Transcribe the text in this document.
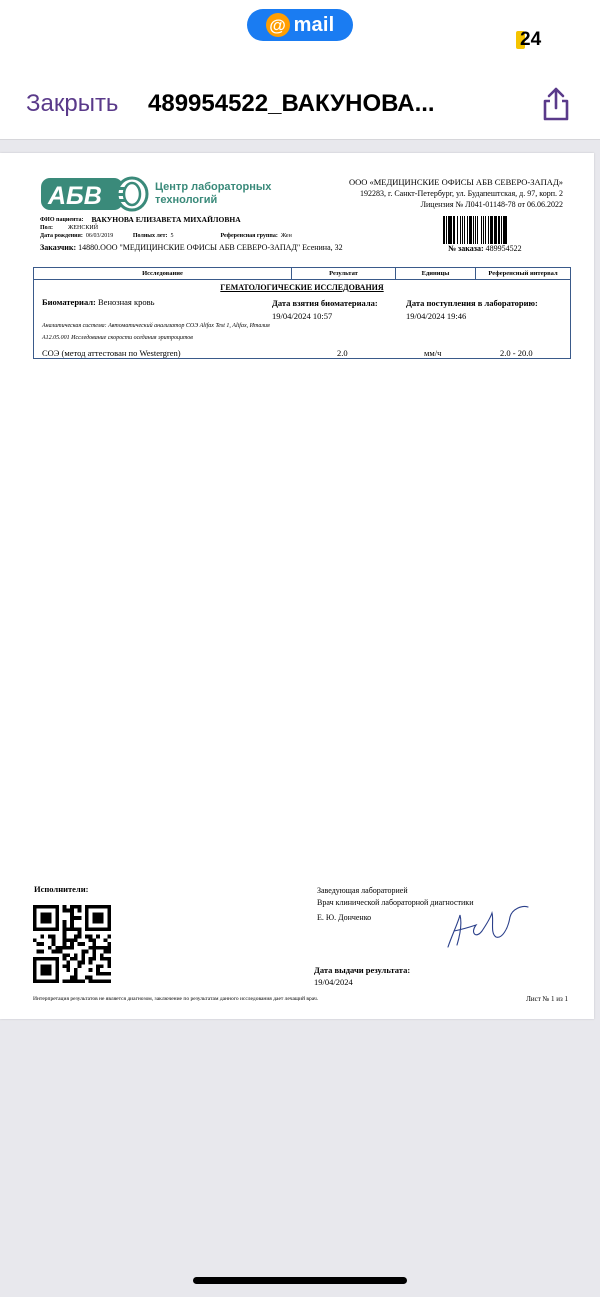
@ mail
24
Закрыть 489954522_ВАКУНОВА...
АБВ	Центр лабораторных технологий
ООО «МЕДИЦИНСКИЕ ОФИСЫ АБВ СЕВЕРО-ЗАПАД»
192283, г. Санкт-Петербург, ул. Будапештская, д. 97, корп. 2
Лицензия № Л041-01148-78 от 06.06.2022
ФИО пациента: ВАКУНОВА ЕЛИЗАВЕТА МИХАЙЛОВНА
Пол:	ЖЕНСКИЙ
Дата рождения: 06/03/2019	Полных лет: 5	Референсная группа: Жен
Заказчик: 14880.ООО "МЕДИЦИНСКИЕ ОФИСЫ АБВ СЕВЕРО-ЗАПАД" Есенина, 32	№ заказа: 489954522
Исследование	Результат	Единицы	Референсный интервал
ГЕМАТОЛОГИЧЕСКИЕ ИССЛЕДОВАНИЯ
Биоматериал: Венозная кровь	Дата взятия биоматериала:
19/04/2024 10:57
Дата поступления в лабораторию:
19/04/2024 19:46
Аналитическая система: Автоматический анализатор СОЭ Alifax Test 1, Alifax, Италия
A12.05.001 Исследование скорости оседания эритроцитов
СОЭ (метод аттестован по Westergren)	2.0	мм/ч	2.0 - 20.0
Исполнители:	Заведующая лабораторией
Врач клинической лабораторной диагностики
Е. Ю. Донченко
Дата выдачи результата:
19/04/2024
Интерпретация результатов не является диагнозом, заключение по результатам данного исследования дает лечащий врач.	Лист № 1 из 1
